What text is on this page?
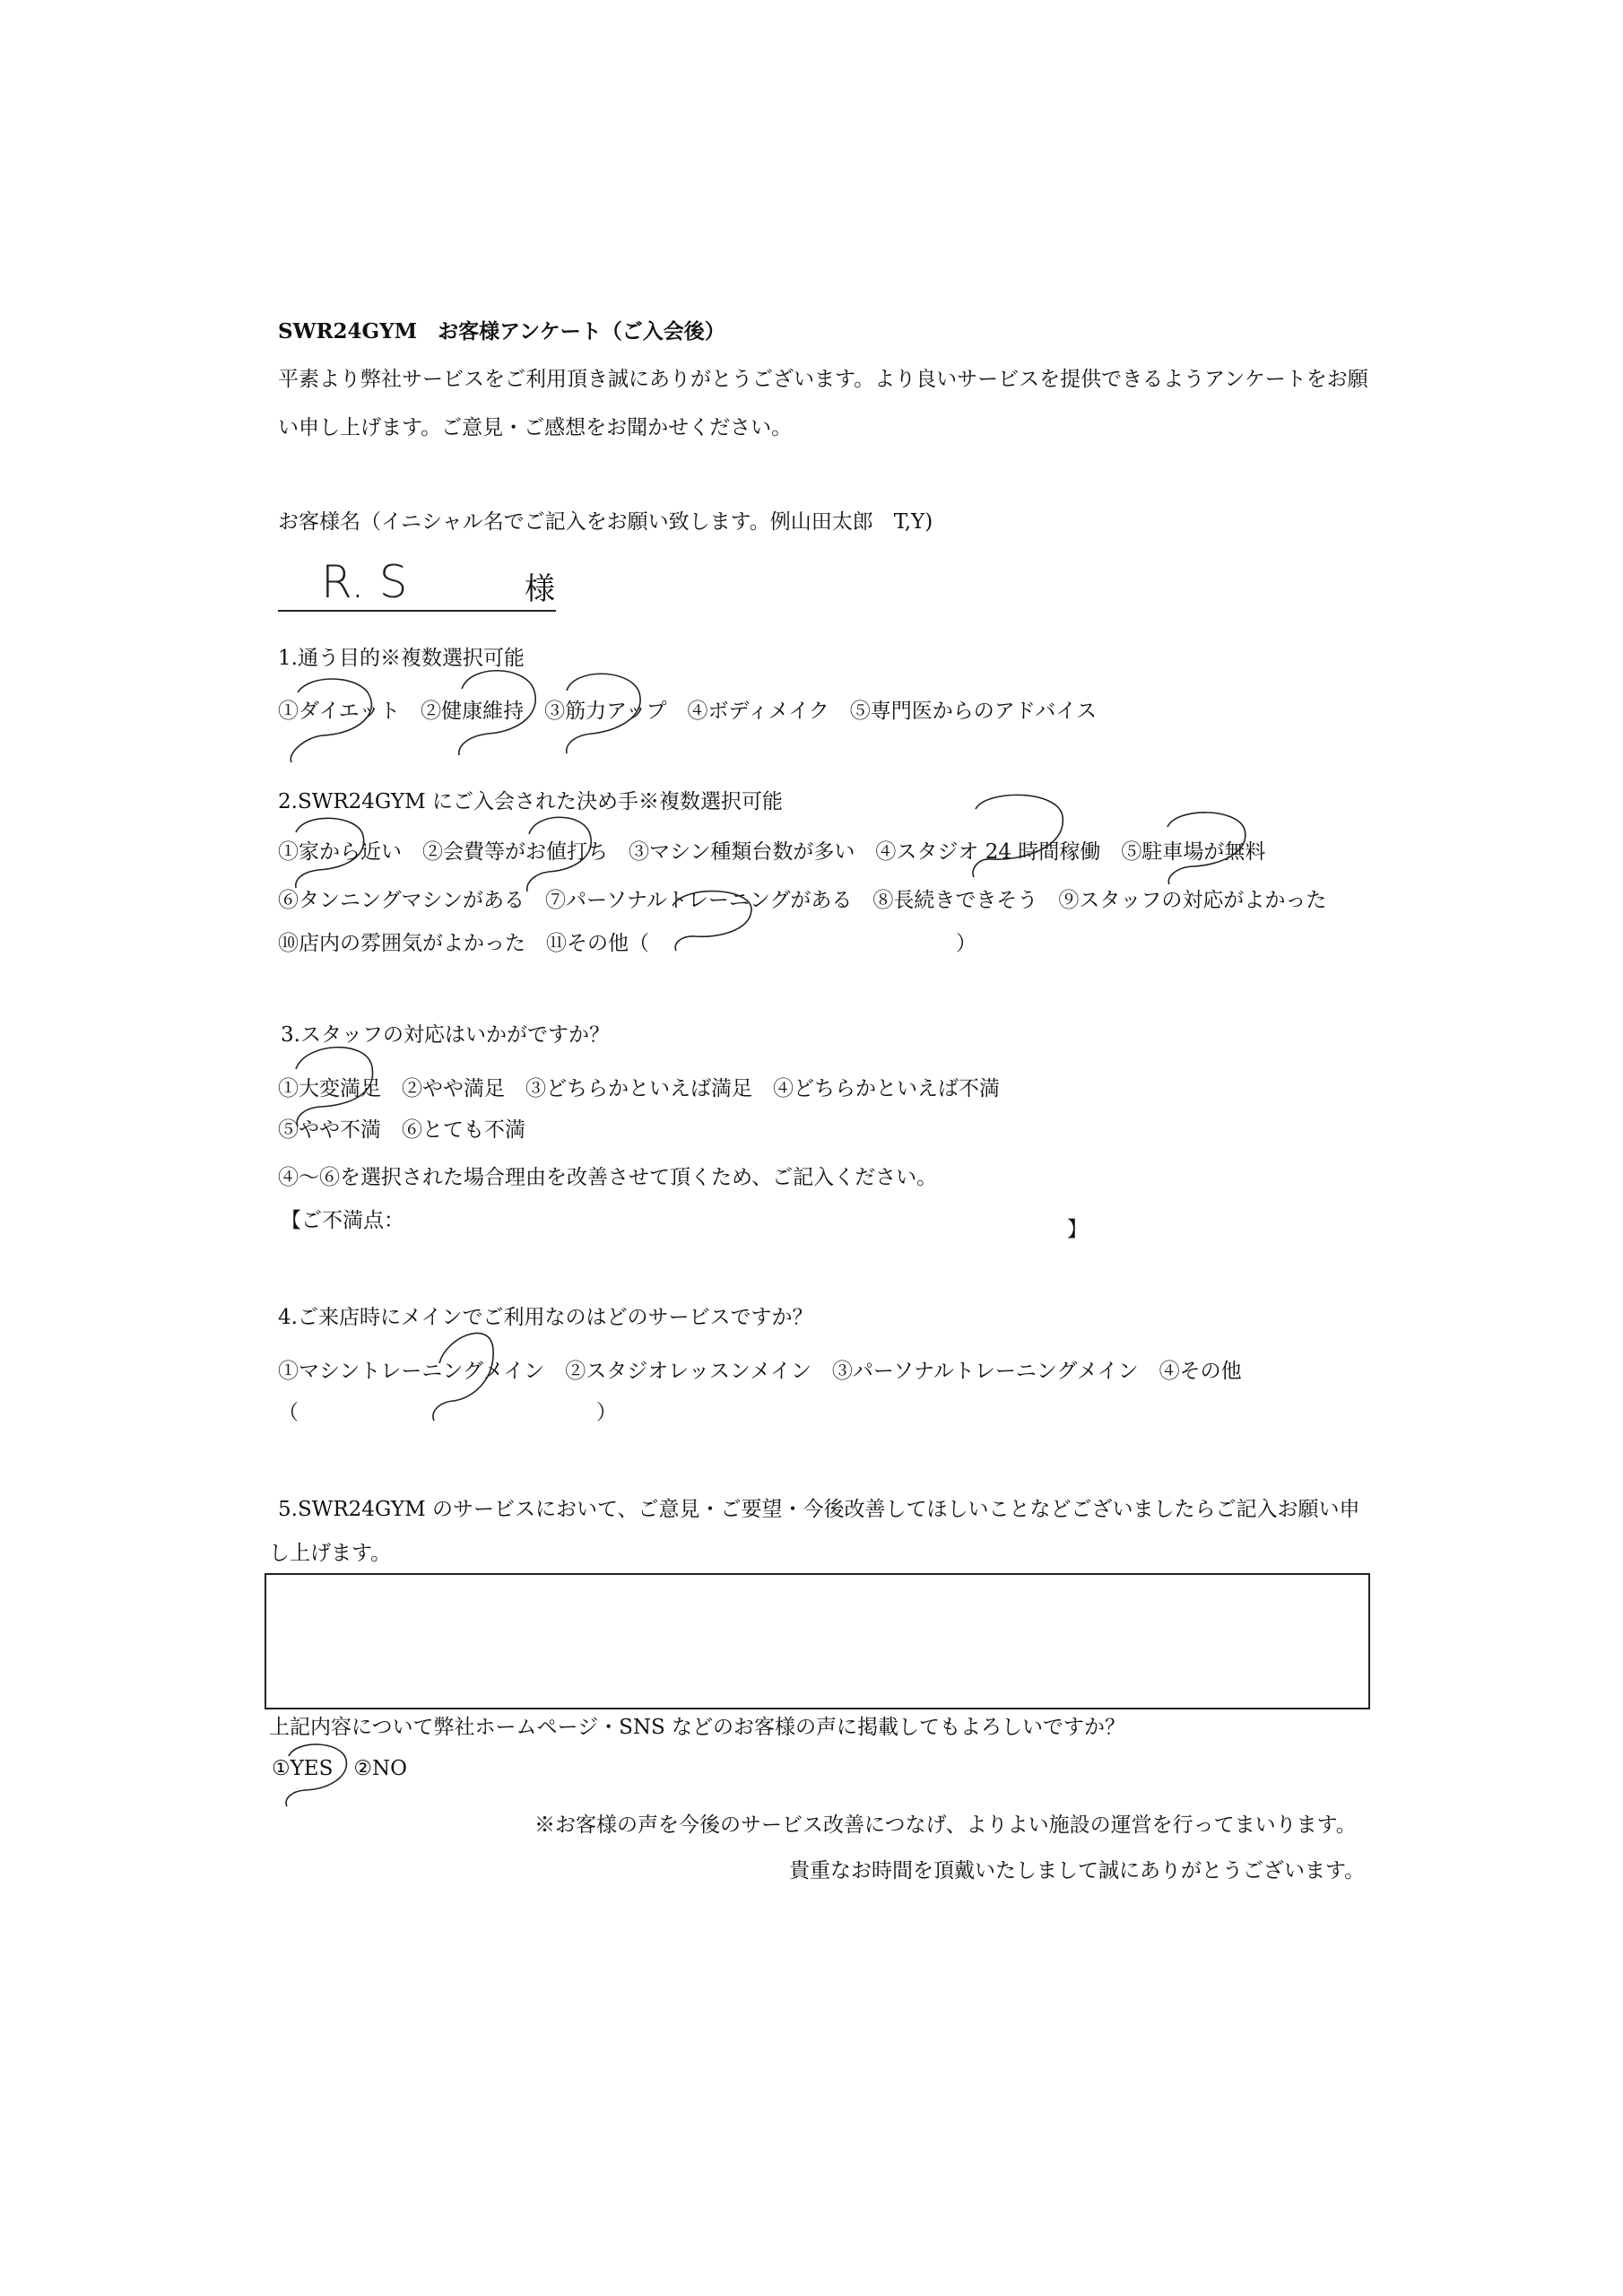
SWR24GYM　お客様アンケート（ご入会後）
平素より弊社サービスをご利用頂き誠にありがとうございます。より良いサービスを提供できるようアンケートをお願
い申し上げます。ご意見・ご感想をお聞かせください。
お客様名（イニシャル名でご記入をお願い致します。例山田太郎　T,Y)
R. S	様
1.通う目的※複数選択可能
①ダイエット　②健康維持　③筋力アップ　④ボディメイク　⑤専門医からのアドバイス
2.SWR24GYM にご入会された決め手※複数選択可能
①家から近い　②会費等がお値打ち　③マシン種類台数が多い　④スタジオ 24 時間稼働　⑤駐車場が無料
⑥タンニングマシンがある　⑦パーソナルトレーニングがある　⑧長続きできそう　⑨スタッフの対応がよかった
⑩店内の雰囲気がよかった　⑪その他（	）
3.スタッフの対応はいかがですか？
①大変満足　②やや満足　③どちらかといえば満足　④どちらかといえば不満
⑤やや不満　⑥とても不満
④～⑥を選択された場合理由を改善させて頂くため、ご記入ください。
【ご不満点：	】
4.ご来店時にメインでご利用なのはどのサービスですか？
①マシントレーニングメイン　②スタジオレッスンメイン　③パーソナルトレーニングメイン　④その他
（	）
5.SWR24GYM のサービスにおいて、ご意見・ご要望・今後改善してほしいことなどございましたらご記入お願い申
し上げます。
上記内容について弊社ホームページ・SNS などのお客様の声に掲載してもよろしいですか？
①YES　②NO
※お客様の声を今後のサービス改善につなげ、よりよい施設の運営を行ってまいります。
貴重なお時間を頂戴いたしまして誠にありがとうございます。
